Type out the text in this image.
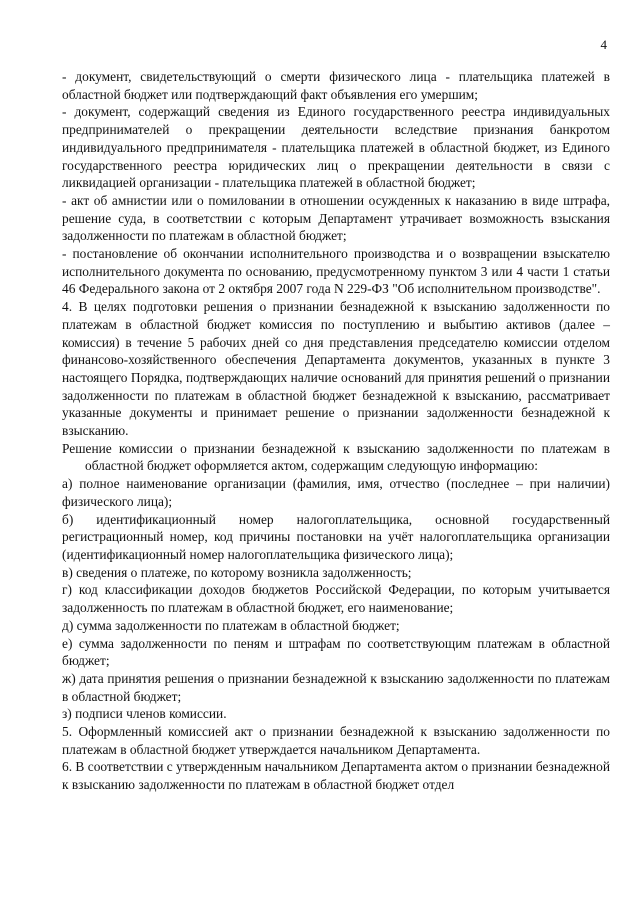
4

- документ, свидетельствующий о смерти физического лица - плательщика платежей в областной бюджет или подтверждающий факт объявления его умершим;

- документ, содержащий сведения из Единого государственного реестра индивидуальных предпринимателей о прекращении деятельности вследствие признания банкротом индивидуального предпринимателя - плательщика платежей в областной бюджет, из Единого государственного реестра юридических лиц о прекращении деятельности в связи с ликвидацией организации - плательщика платежей в областной бюджет;

- акт об амнистии или о помиловании в отношении осужденных к наказанию в виде штрафа, решение суда, в соответствии с которым Департамент утрачивает возможность взыскания задолженности по платежам в областной бюджет;

- постановление об окончании исполнительного производства и о возвращении взыскателю исполнительного документа по основанию, предусмотренному пунктом 3 или 4 части 1 статьи 46 Федерального закона от 2 октября 2007 года N 229-ФЗ "Об исполнительном производстве".

4. В целях подготовки решения о признании безнадежной к взысканию задолженности по платежам в областной бюджет комиссия по поступлению и выбытию активов (далее – комиссия) в течение 5 рабочих дней со дня представления председателю комиссии отделом финансово-хозяйственного обеспечения Департамента документов, указанных в пункте 3 настоящего Порядка, подтверждающих наличие оснований для принятия решений о признании задолженности по платежам в областной бюджет безнадежной к взысканию, рассматривает указанные документы и принимает решение о признании задолженности безнадежной к взысканию.

Решение комиссии о признании безнадежной к взысканию задолженности по платежам в областной бюджет оформляется актом, содержащим следующую информацию:

а) полное наименование организации (фамилия, имя, отчество (последнее – при наличии) физического лица);

б) идентификационный номер налогоплательщика, основной государственный регистрационный номер, код причины постановки на учёт налогоплательщика организации (идентификационный номер налогоплательщика физического лица);

в) сведения о платеже, по которому возникла задолженность;

г) код классификации доходов бюджетов Российской Федерации, по которым учитывается задолженность по платежам в областной бюджет, его наименование;

д) сумма задолженности по платежам в областной бюджет;

е) сумма задолженности по пеням и штрафам по соответствующим платежам в областной бюджет;

ж) дата принятия решения о признании безнадежной к взысканию задолженности по платежам в областной бюджет;

з) подписи членов комиссии.

5. Оформленный комиссией акт о признании безнадежной к взысканию задолженности по платежам в областной бюджет утверждается начальником Департамента.

6. В соответствии с утвержденным начальником Департамента актом о признании безнадежной к взысканию задолженности по платежам в областной бюджет отдел
